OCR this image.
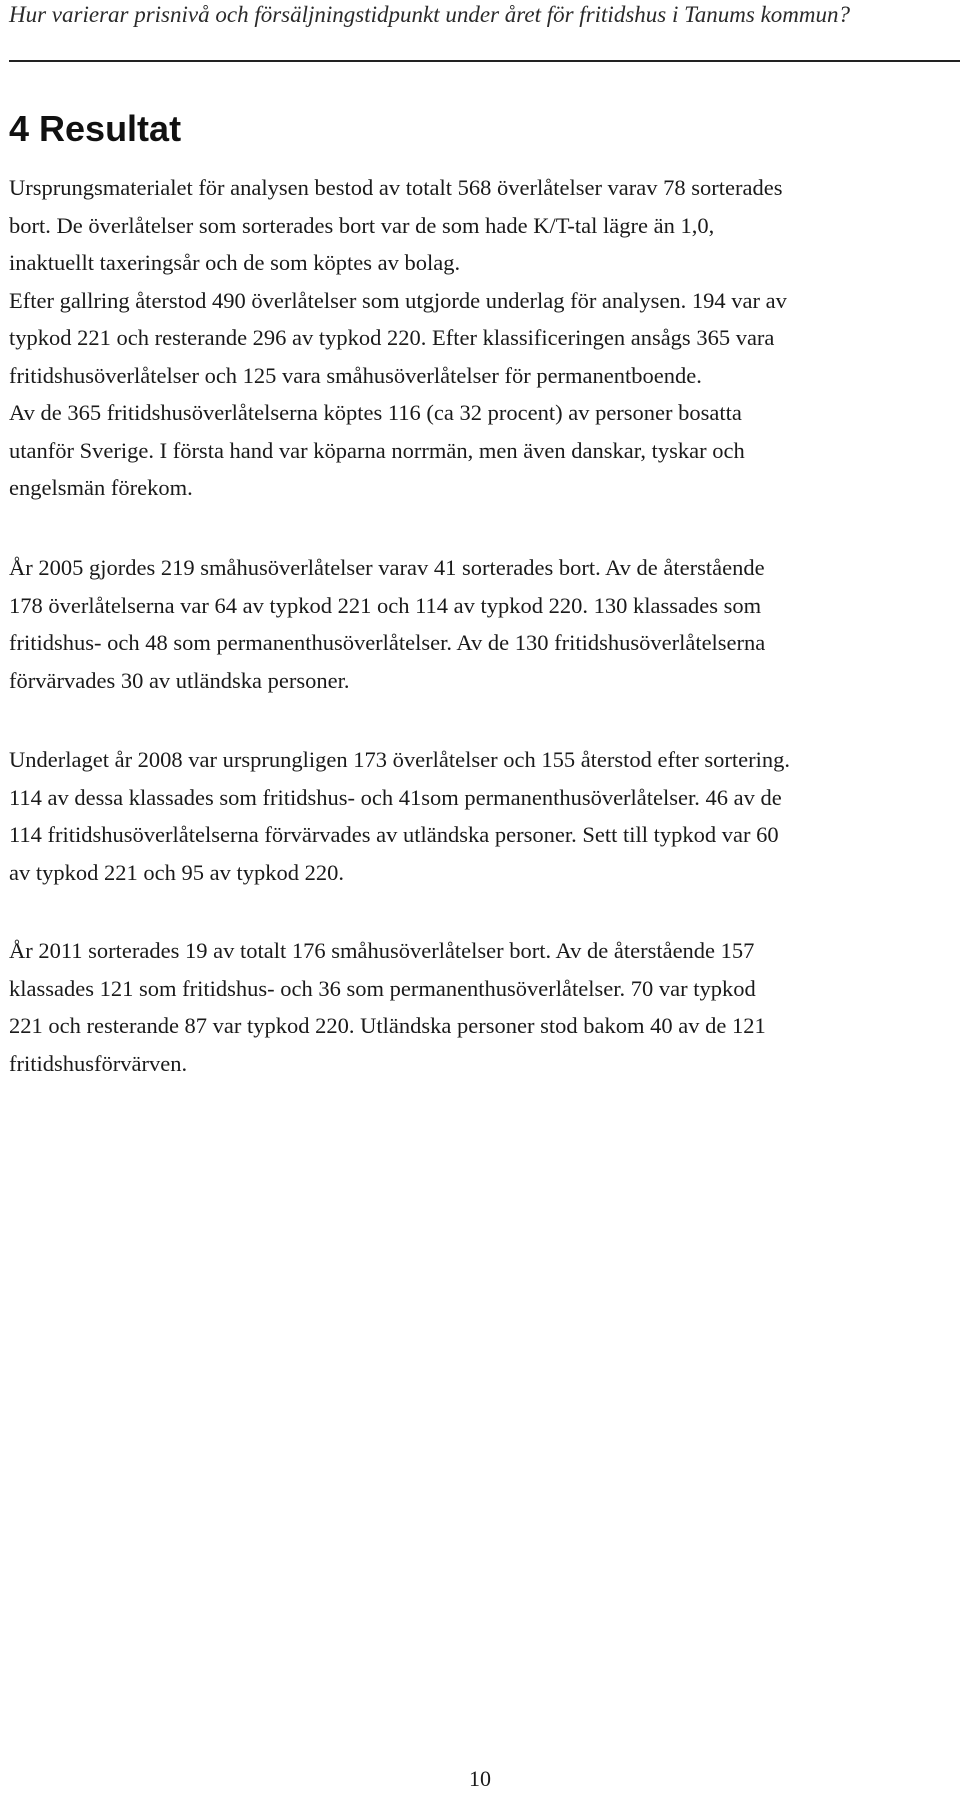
Hur varierar prisnivå och försäljningstidpunkt under året för fritidshus i Tanums kommun?
4 Resultat
Ursprungsmaterialet för analysen bestod av totalt 568 överlåtelser varav 78 sorterades
bort. De överlåtelser som sorterades bort var de som hade K/T-tal lägre än 1,0,
inaktuellt taxeringsår och de som köptes av bolag.
Efter gallring återstod 490 överlåtelser som utgjorde underlag för analysen. 194 var av
typkod 221 och resterande 296 av typkod 220. Efter klassificeringen ansågs 365 vara
fritidshusöverlåtelser och 125 vara småhusöverlåtelser för permanentboende.
Av de 365 fritidshusöverlåtelserna köptes 116 (ca 32 procent) av personer bosatta
utanför Sverige. I första hand var köparna norrmän, men även danskar, tyskar och
engelsmän förekom.
År 2005 gjordes 219 småhusöverlåtelser varav 41 sorterades bort. Av de återstående
178 överlåtelserna var 64 av typkod 221 och 114 av typkod 220. 130 klassades som
fritidshus- och 48 som permanenthusöverlåtelser. Av de 130 fritidshusöverlåtelserna
förvärvades 30 av utländska personer.
Underlaget år 2008 var ursprungligen 173 överlåtelser och 155 återstod efter sortering.
114 av dessa klassades som fritidshus- och 41som permanenthusöverlåtelser. 46 av de
114 fritidshusöverlåtelserna förvärvades av utländska personer. Sett till typkod var 60
av typkod 221 och 95 av typkod 220.
År 2011 sorterades 19 av totalt 176 småhusöverlåtelser bort. Av de återstående 157
klassades 121 som fritidshus- och 36 som permanenthusöverlåtelser. 70 var typkod
221 och resterande 87 var typkod 220. Utländska personer stod bakom 40 av de 121
fritidshusförvärven.
10
